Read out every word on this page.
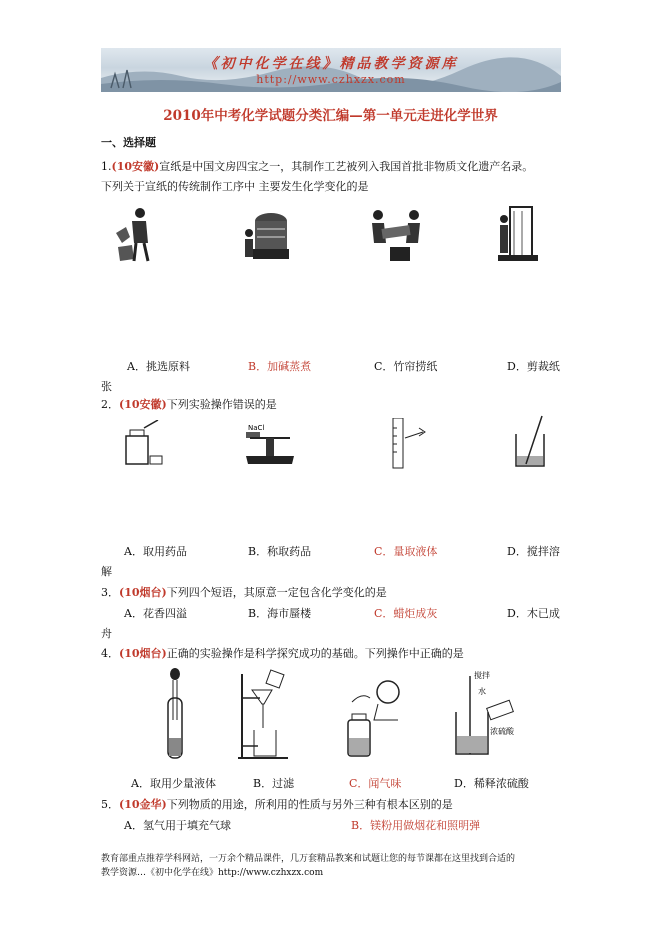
《初中化学在线》精品教学资源库
http://www.czhxzx.com
2010年中考化学试题分类汇编—第一单元走进化学世界
一、选择题
1.(10安徽)宣纸是中国文房四宝之一，其制作工艺被列入我国首批非物质文化遗产名录。
下列关于宣纸的传统制作工序中 主要发生化学变化的是
A．挑选原料	B．加碱蒸煮	C．竹帘捞纸	D．剪裁纸
张
2．(10安徽)下列实验操作错误的是
NaCl
A．取用药品	B．称取药品	C．量取液体	D．搅拌溶
解
3．(10烟台)下列四个短语，其原意一定包含化学变化的是
A．花香四溢	B．海市蜃楼	C．蜡炬成灰	D．木已成
舟
4．(10烟台)正确的实验操作是科学探究成功的基础。下列操作中正确的是
搅拌
水
浓硫酸
A．取用少量液体	B．过滤	C．闻气味	D．稀释浓硫酸
5．(10金华)下列物质的用途，所利用的性质与另外三种有根本区别的是
A．氢气用于填充气球	B．镁粉用做烟花和照明弹
教育部重点推荐学科网站，一万余个精品课件，几万套精品教案和试题让您的每节课都在这里找到合适的
教学资源…《初中化学在线》http://www.czhxzx.com
